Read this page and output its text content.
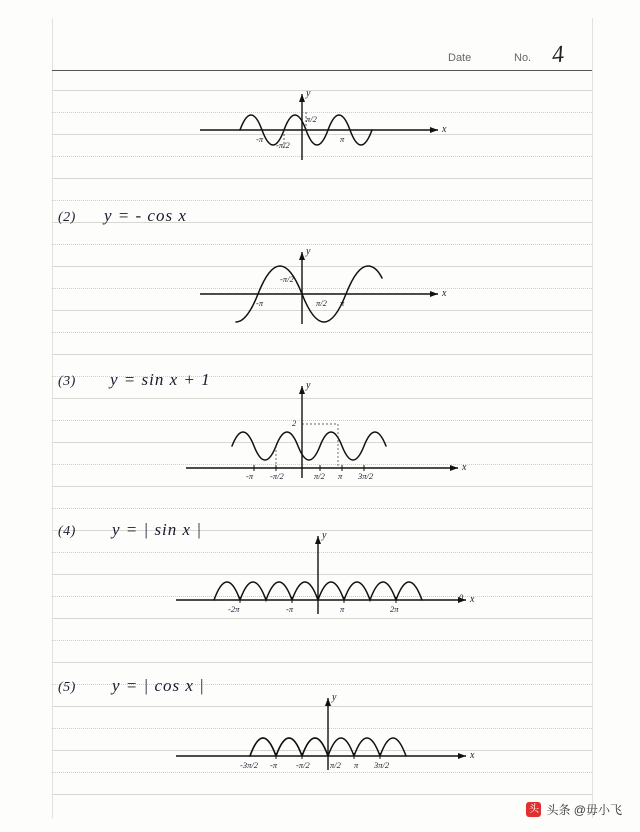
Date	No. 4
x
y
-π
-π/2
π/2
π
(2) y = - cos x
x
y
-π
-π/2
π/2 π
(3) y = sin x + 1
x
y
2
-π -π/2	π/2 π 3π/2
(4) y = | sin x |
x
y
-2π	-π	π	2π
0
(5) y = | cos x |
x
y
-3π/2 -π -π/2 π/2 π 3π/2
头 头条 @毋小飞
